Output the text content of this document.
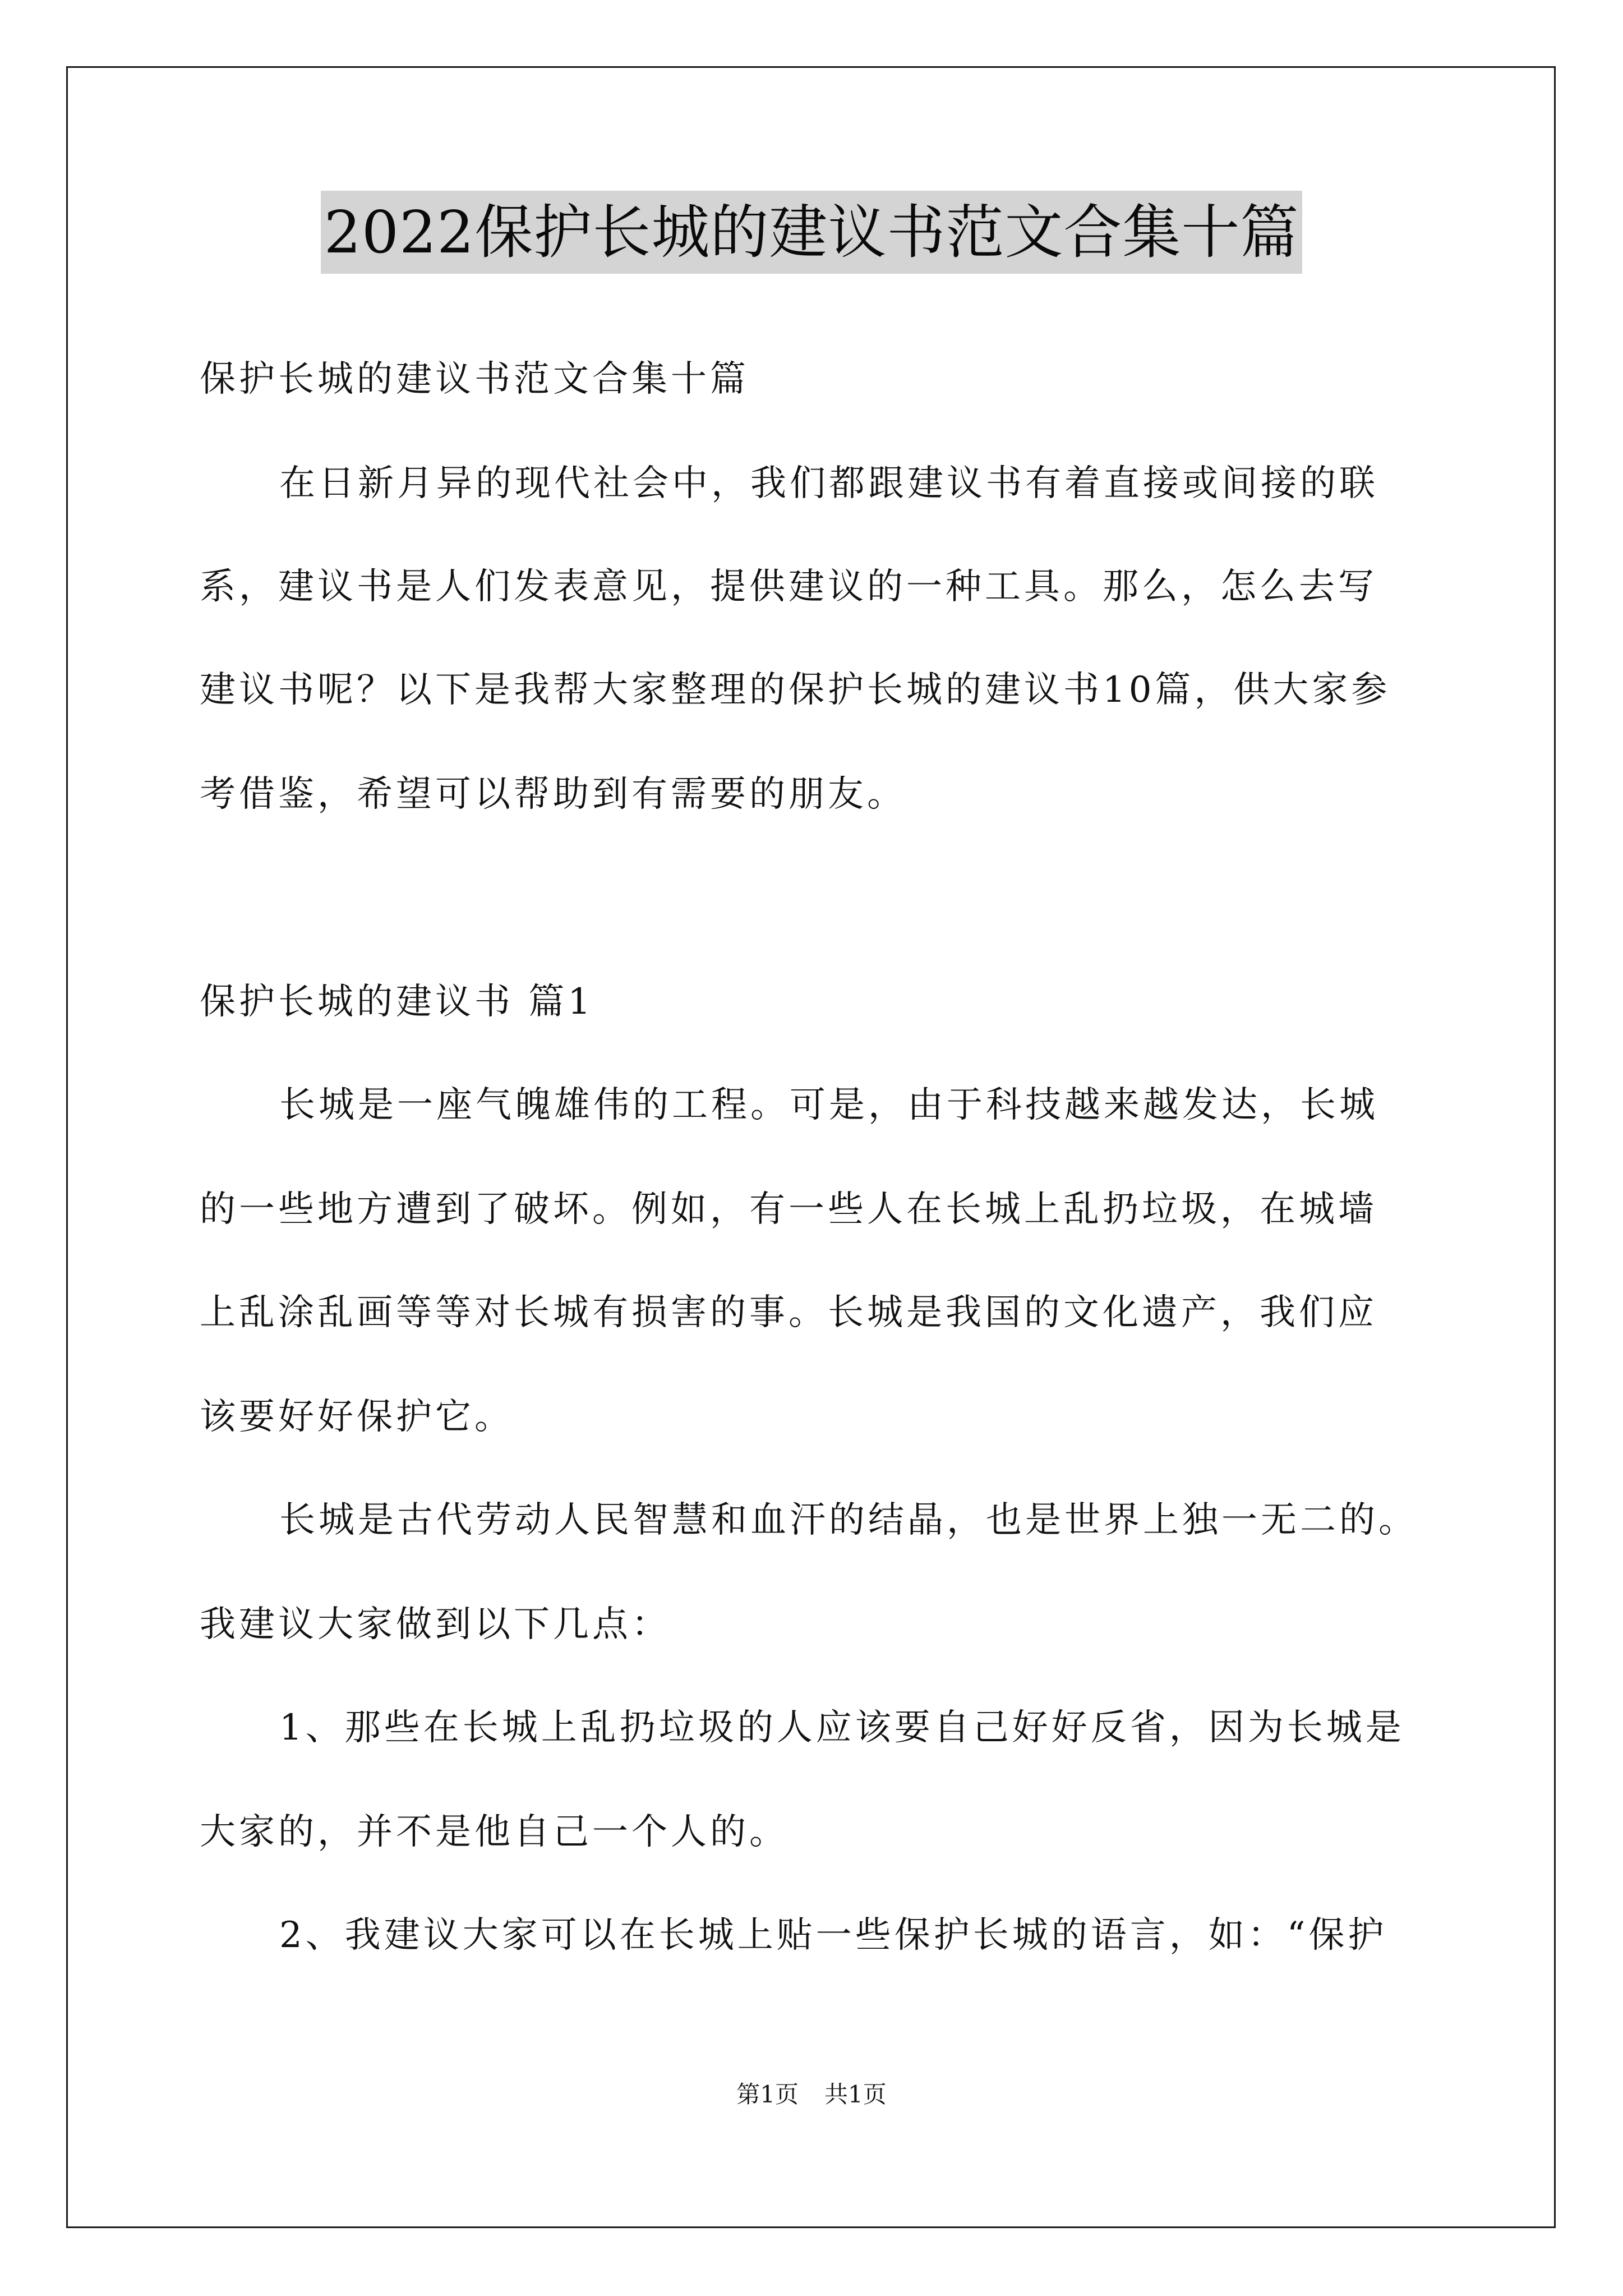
2022保护长城的建议书范文合集十篇
保护长城的建议书范文合集十篇
在日新月异的现代社会中，我们都跟建议书有着直接或间接的联
系，建议书是人们发表意见，提供建议的一种工具。那么，怎么去写
建议书呢？以下是我帮大家整理的保护长城的建议书10篇，供大家参
考借鉴，希望可以帮助到有需要的朋友。
保护长城的建议书 篇1
长城是一座气魄雄伟的工程。可是，由于科技越来越发达，长城
的一些地方遭到了破坏。例如，有一些人在长城上乱扔垃圾，在城墙
上乱涂乱画等等对长城有损害的事。长城是我国的文化遗产，我们应
该要好好保护它。
长城是古代劳动人民智慧和血汗的结晶，也是世界上独一无二的。
我建议大家做到以下几点：
1、那些在长城上乱扔垃圾的人应该要自己好好反省，因为长城是
大家的，并不是他自己一个人的。
2、我建议大家可以在长城上贴一些保护长城的语言，如：“保护
第1页 共1页
